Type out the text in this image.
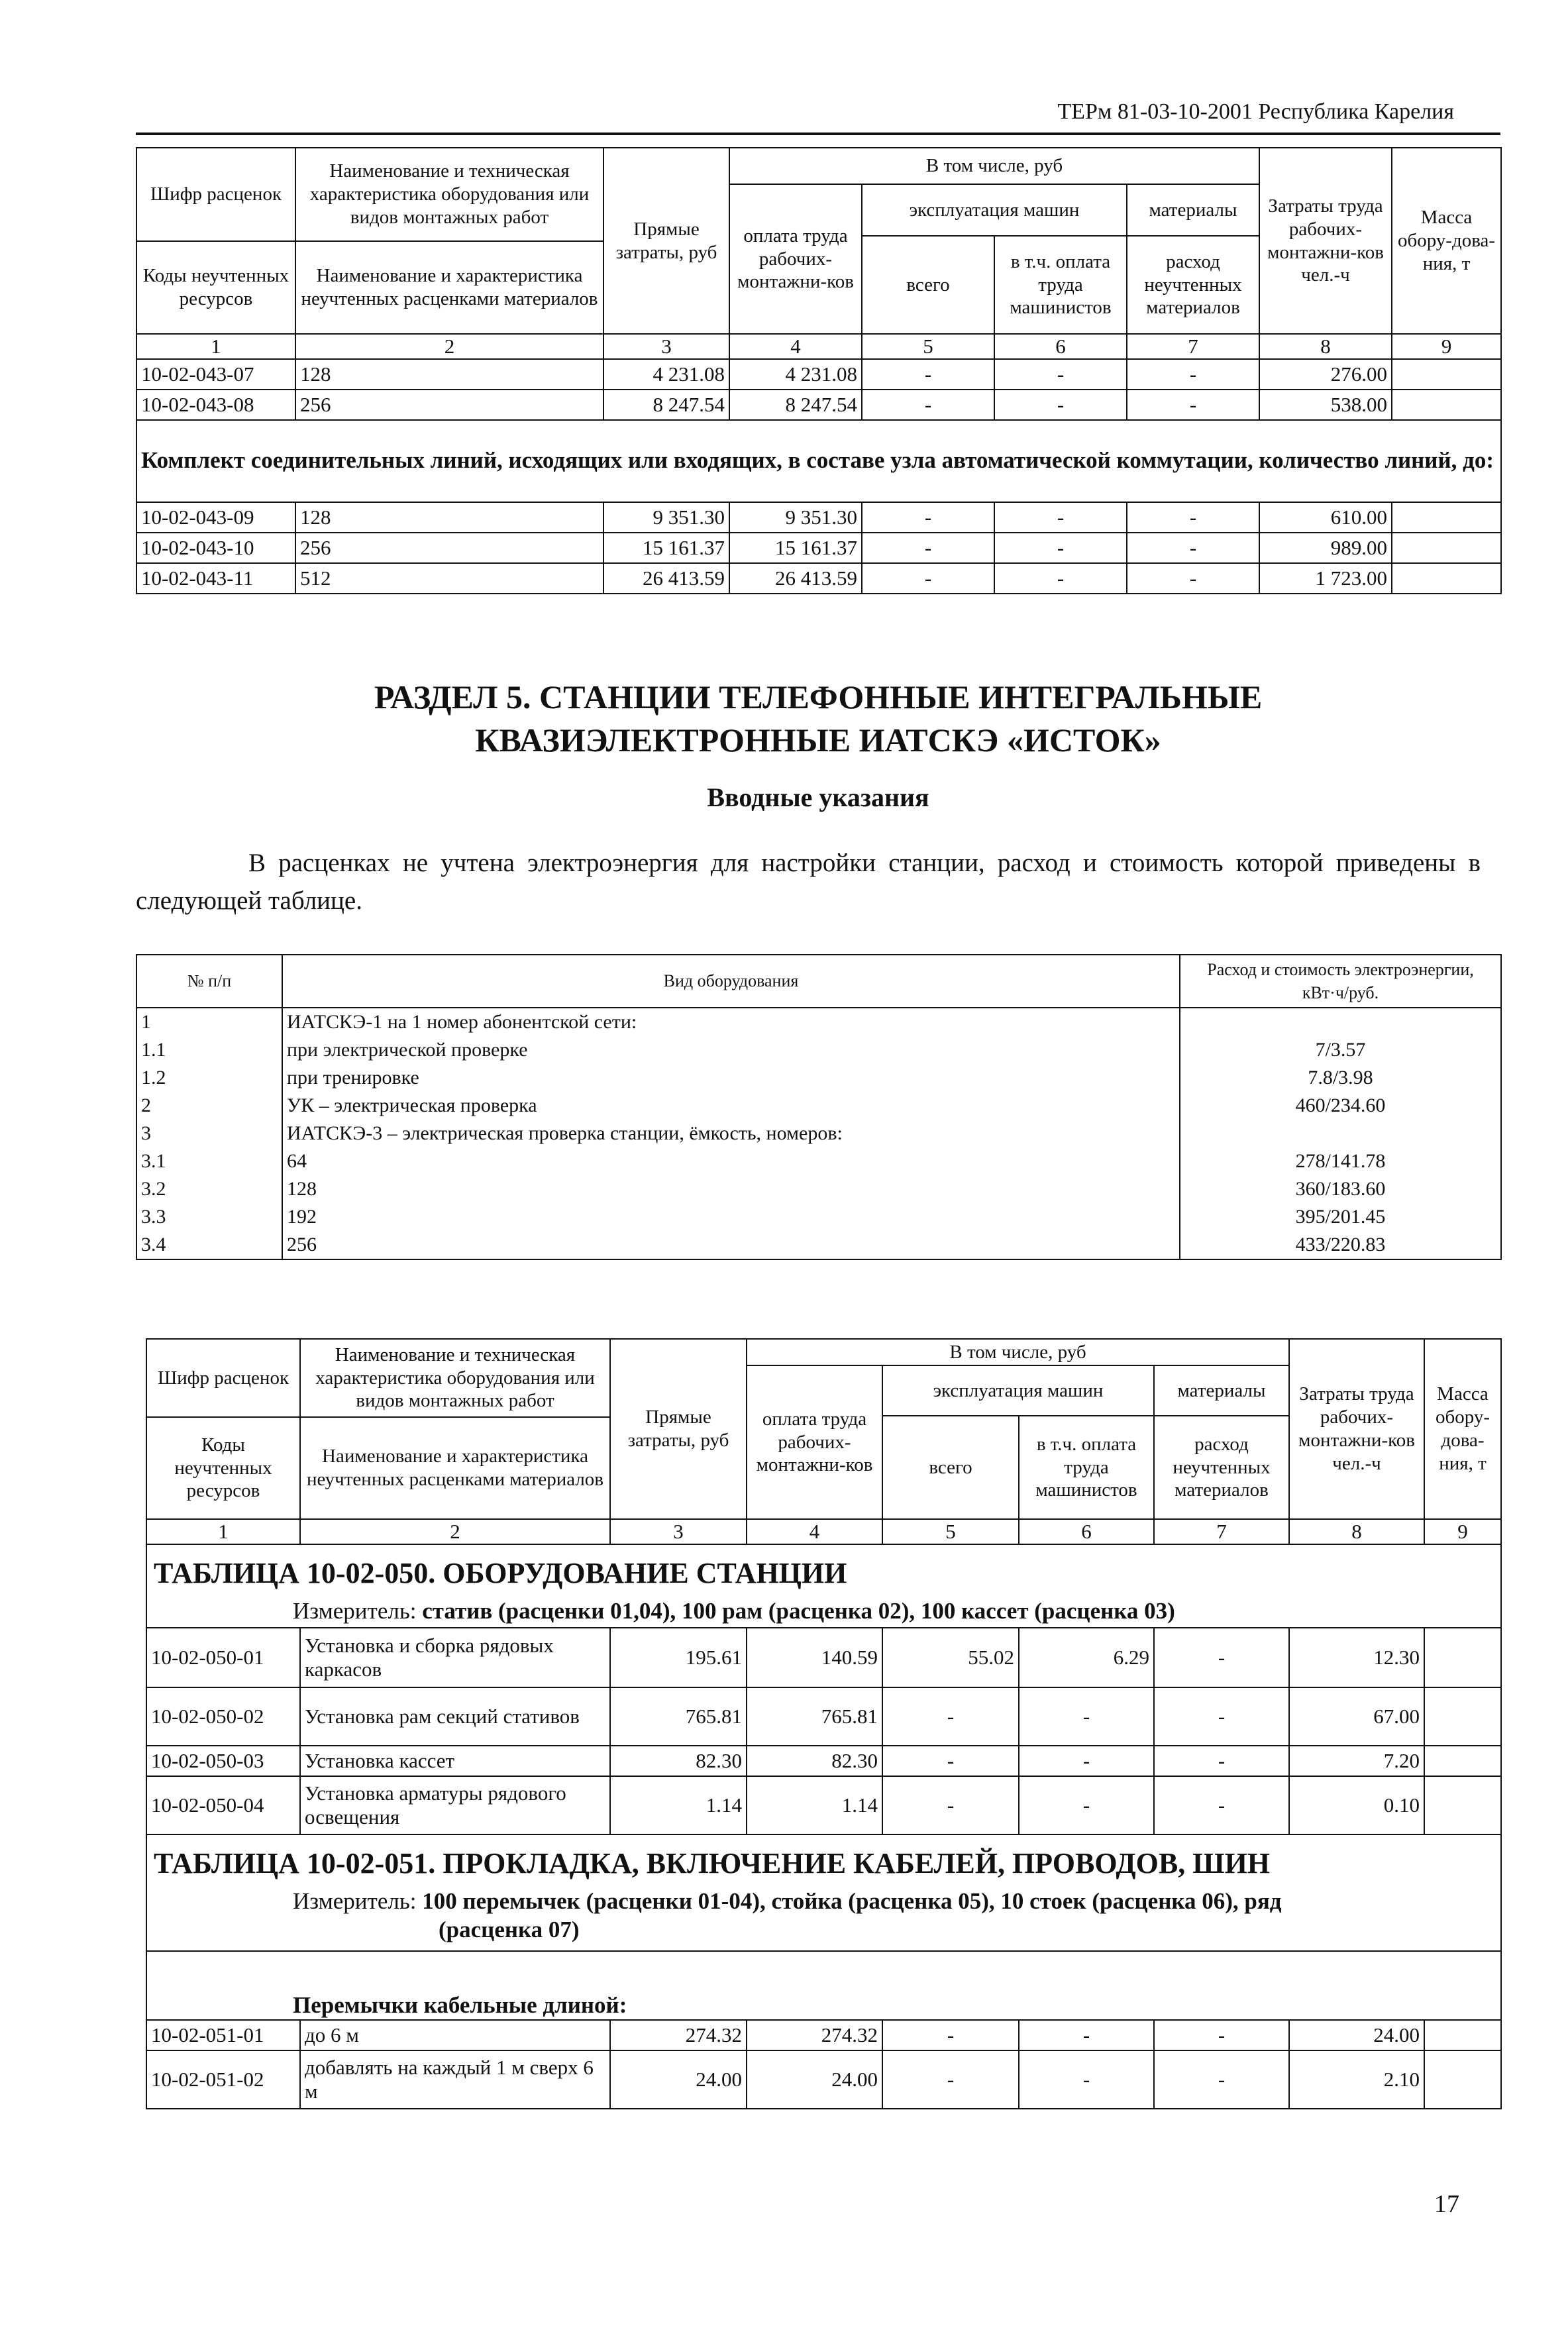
ТЕРм 81-03-10-2001 Республика Карелия
Шифр расценок	Наименование и техническая характеристика оборудования или видов монтажных работ	Прямые затраты, руб	В том числе, руб				Затраты труда рабочих-монтажни-ков чел.-ч	Масса обору-дова-ния, т
			оплата труда рабочих-монтажни-ков	эксплуатация машин		материалы		
				всего	в т.ч. оплата труда машинистов	расход неучтенных материалов		
Коды неучтенных ресурсов	Наименование и характеристика неучтенных расценками материалов							

1	2	3	4	5	6	7	8	9
10-02-043-07	128	4 231.08	4 231.08	-	-	-	276.00	
10-02-043-08	256	8 247.54	8 247.54	-	-	-	538.00	
Комплект соединительных линий, исходящих или входящих, в составе узла автоматической коммутации, количество линий, до:								
10-02-043-09	128	9 351.30	9 351.30	-	-	-	610.00	
10-02-043-10	256	15 161.37	15 161.37	-	-	-	989.00	
10-02-043-11	512	26 413.59	26 413.59	-	-	-	1 723.00	
РАЗДЕЛ 5. СТАНЦИИ ТЕЛЕФОННЫЕ ИНТЕГРАЛЬНЫЕ
КВАЗИЭЛЕКТРОННЫЕ ИАТСКЭ «ИСТОК»
Вводные указания
В расценках не учтена электроэнергия для настройки станции, расход и стоимость которой приведены в следующей таблице.
№ п/п	Вид оборудования	Расход и стоимость электроэнергии, кВт·ч/руб.
1	ИАТСКЭ-1 на 1 номер абонентской сети:	
1.1	при электрической проверке	7/3.57
1.2	при тренировке	7.8/3.98
2	УК – электрическая проверка	460/234.60
3	ИАТСКЭ-3 – электрическая проверка станции, ёмкость, номеров:	
3.1	64	278/141.78
3.2	128	360/183.60
3.3	192	395/201.45
3.4	256	433/220.83
Шифр расценок	Наименование и техническая характеристика оборудования или видов монтажных работ	Прямые затраты, руб	В том числе, руб				Затраты труда рабочих-монтажни-ков чел.-ч	Масса обору-дова-ния, т
			оплата труда рабочих-монтажни-ков	эксплуатация машин		материалы		
				всего	в т.ч. оплата труда машинистов	расход неучтенных материалов		
Коды неучтенных ресурсов	Наименование и характеристика неучтенных расценками материалов							

1	2	3	4	5	6	7	8	9

ТАБЛИЦА 10-02-050. ОБОРУДОВАНИЕ СТАНЦИИ
Измеритель: статив (расценки 01,04), 100 рам (расценка 02), 100 кассет (расценка 03)								

10-02-050-01	Установка и сборка рядовых каркасов	195.61	140.59	55.02	6.29	-	12.30	
10-02-050-02	Установка рам секций стативов	765.81	765.81	-	-	-	67.00	
10-02-050-03	Установка кассет	82.30	82.30	-	-	-	7.20	
10-02-050-04	Установка арматуры рядового освещения	1.14	1.14	-	-	-	0.10	

ТАБЛИЦА 10-02-051. ПРОКЛАДКА, ВКЛЮЧЕНИЕ КАБЕЛЕЙ, ПРОВОДОВ, ШИН
Измеритель: 100 перемычек (расценки 01-04), стойка (расценка 05), 10 стоек (расценка 06), ряд
(расценка 07)								

Перемычки кабельные длиной:								

10-02-051-01	до 6 м	274.32	274.32	-	-	-	24.00	
10-02-051-02	добавлять на каждый 1 м сверх 6 м	24.00	24.00	-	-	-	2.10	
17
